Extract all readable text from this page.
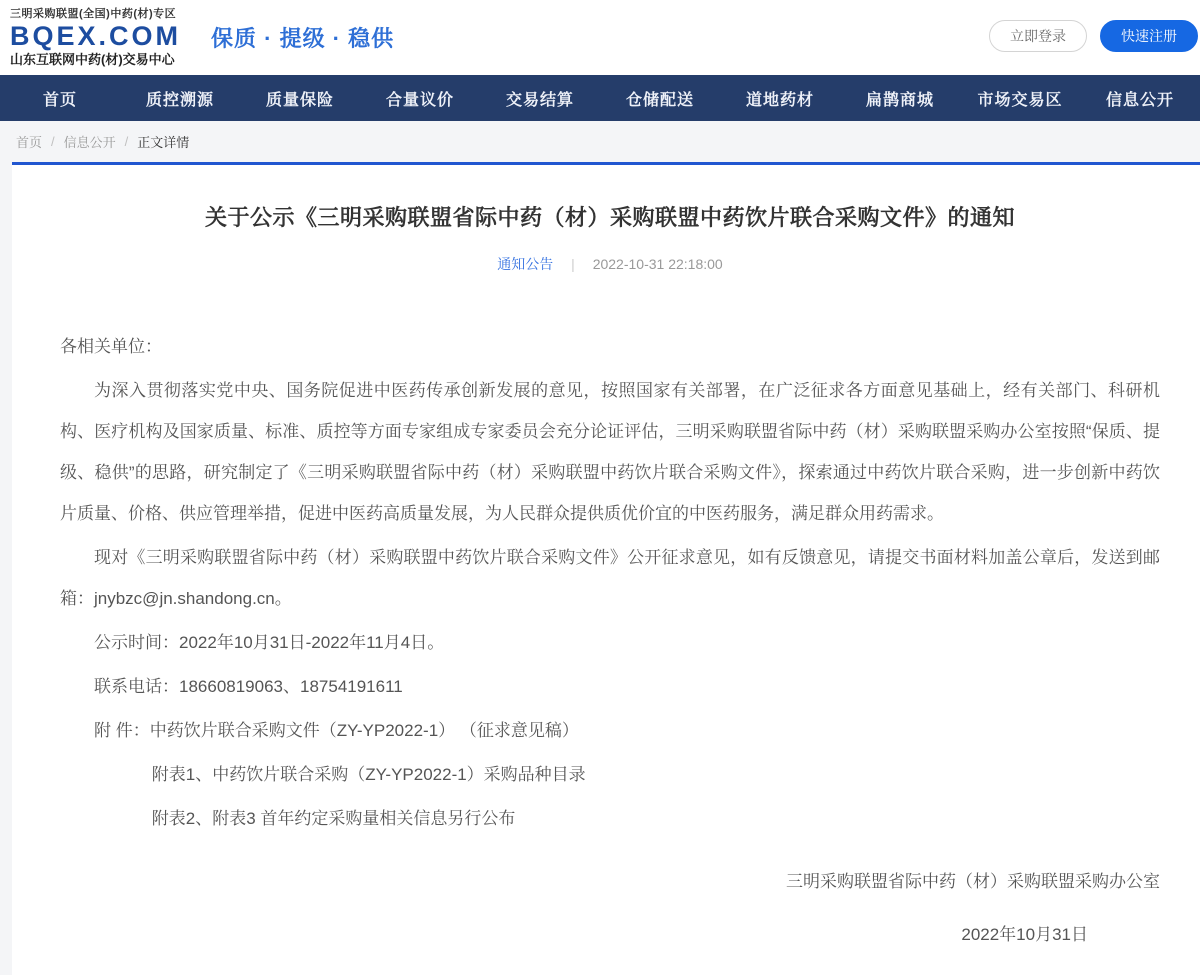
三明采购联盟(全国)中药(材)专区
BQEX.COM
山东互联网中药(材)交易中心
保质 · 提级 · 稳供	立即登录	快速注册
首页	质控溯源	质量保险	合量议价	交易结算	仓储配送	道地药材	扁鹊商城	市场交易区	信息公开
首页 / 信息公开 / 正文详情
关于公示《三明采购联盟省际中药（材）采购联盟中药饮片联合采购文件》的通知
通知公告 | 2022-10-31 22:18:00

各相关单位：

为深入贯彻落实党中央、国务院促进中医药传承创新发展的意见，按照国家有关部署，在广泛征求各方面意见基础上，经有关部门、科研机构、医疗机构及国家质量、标准、质控等方面专家组成专家委员会充分论证评估，三明采购联盟省际中药（材）采购联盟采购办公室按照“保质、提级、稳供”的思路，研究制定了《三明采购联盟省际中药（材）采购联盟中药饮片联合采购文件》，探索通过中药饮片联合采购，进一步创新中药饮片质量、价格、供应管理举措，促进中医药高质量发展，为人民群众提供质优价宜的中医药服务，满足群众用药需求。

现对《三明采购联盟省际中药（材）采购联盟中药饮片联合采购文件》公开征求意见，如有反馈意见，请提交书面材料加盖公章后，发送到邮箱：jnybzc@jn.shandong.cn。

公示时间：2022年10月31日-2022年11月4日。

联系电话：18660819063、18754191611

附 件：中药饮片联合采购文件（ZY-YP2022-1） （征求意见稿）

附表1、中药饮片联合采购（ZY-YP2022-1）采购品种目录

附表2、附表3 首年约定采购量相关信息另行公布

三明采购联盟省际中药（材）采购联盟采购办公室

2022年10月31日
